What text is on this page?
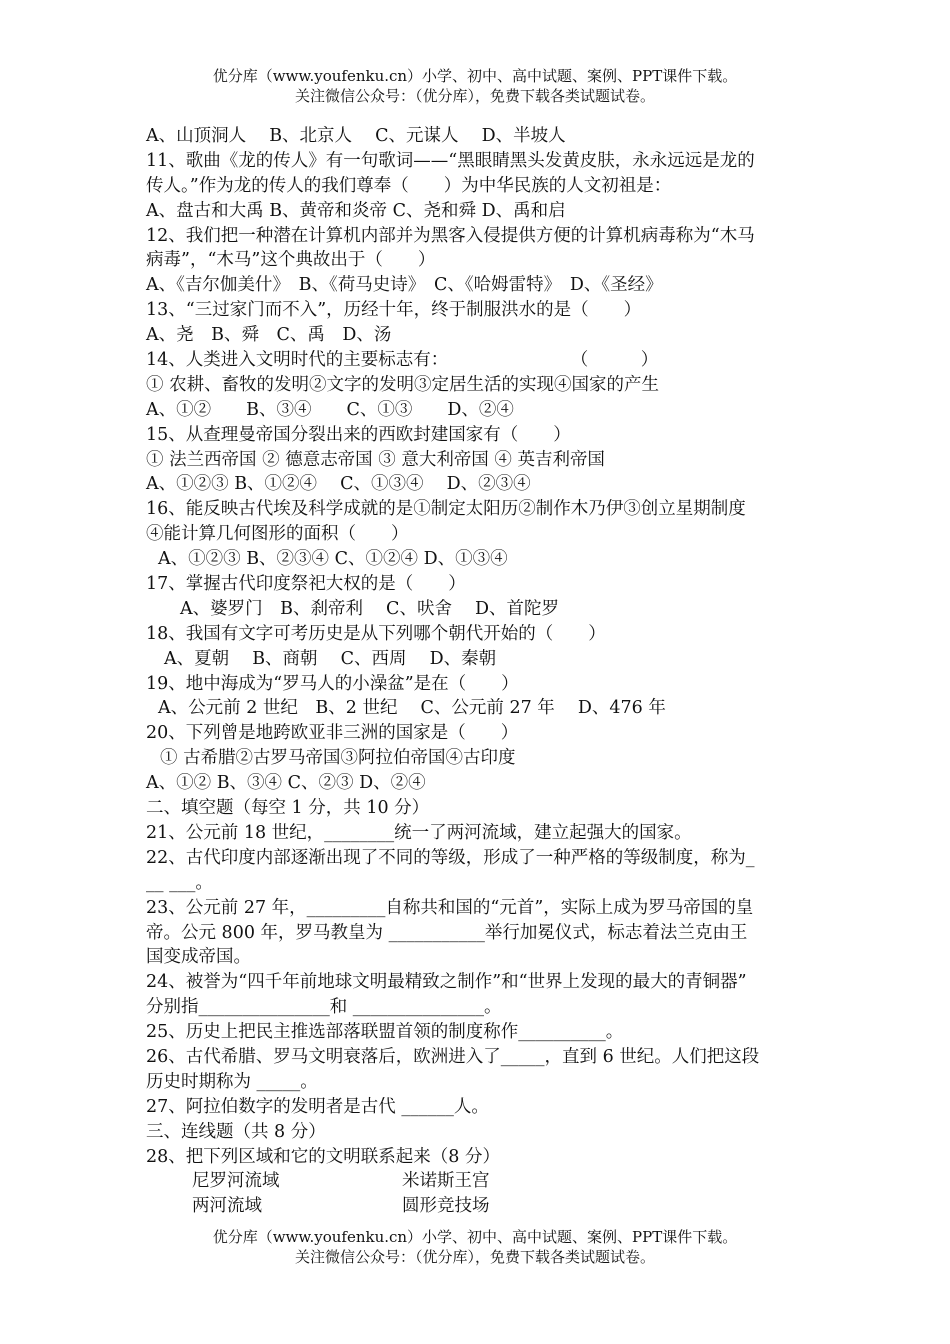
优分库（www.youfenku.cn）小学、初中、高中试题、案例、PPT课件下载。
关注微信公众号：（优分库），免费下载各类试题试卷。
A、山顶洞人　 B、北京人　 C、元谋人　 D、半坡人
11、歌曲《龙的传人》有一句歌词——“黑眼睛黑头发黄皮肤，永永远远是龙的
传人。”作为龙的传人的我们尊奉（　　）为中华民族的人文初祖是：
A、盘古和大禹 B、黄帝和炎帝 C、尧和舜 D、禹和启
12、我们把一种潜在计算机内部并为黑客入侵提供方便的计算机病毒称为“木马
病毒”，“木马”这个典故出于（　　）
A、《吉尔伽美什》　B、《荷马史诗》　C、《哈姆雷特》　D、《圣经》
13、“三过家门而不入”，历经十年，终于制服洪水的是（　　）
A、尧　B、舜　C、禹　D、汤
14、人类进入文明时代的主要标志有：　　　　　　　　（　　　）
① 农耕、畜牧的发明②文字的发明③定居生活的实现④国家的产生
A、①②　　B、③④　　C、①③　　D、②④
15、从查理曼帝国分裂出来的西欧封建国家有（　　）
① 法兰西帝国 ② 德意志帝国 ③ 意大利帝国 ④ 英吉利帝国
A、①②③ B、①②④　 C、①③④　 D、②③④
16、能反映古代埃及科学成就的是①制定太阳历②制作木乃伊③创立星期制度
④能计算几何图形的面积（　　）
A、①②③ B、②③④ C、①②④ D、①③④
17、掌握古代印度祭祀大权的是（　　）
A、婆罗门　B、刹帝利　 C、吠舍　 D、首陀罗
18、我国有文字可考历史是从下列哪个朝代开始的（　　）
A、夏朝　 B、商朝　 C、西周　 D、秦朝
19、地中海成为“罗马人的小澡盆”是在（　　）
A、公元前 2 世纪　B、2 世纪　 C、公元前 27 年　 D、476 年
20、下列曾是地跨欧亚非三洲的国家是（　　）
① 古希腊②古罗马帝国③阿拉伯帝国④古印度
A、①② B、③④ C、②③ D、②④
二、填空题（每空 1 分，共 10 分）
21、公元前 18 世纪，________统一了两河流域，建立起强大的国家。
22、古代印度内部逐渐出现了不同的等级，形成了一种严格的等级制度，称为_
__ ___。
23、公元前 27 年，_________自称共和国的“元首”，实际上成为罗马帝国的皇
帝。公元 800 年，罗马教皇为 ___________举行加冕仪式，标志着法兰克由王
国变成帝国。
24、被誉为“四千年前地球文明最精致之制作”和“世界上发现的最大的青铜器”
分别指_______________和 _______________。
25、历史上把民主推选部落联盟首领的制度称作__________。
26、古代希腊、罗马文明衰落后，欧洲进入了_____，直到 6 世纪。人们把这段
历史时期称为 _____。
27、阿拉伯数字的发明者是古代 ______人。
三、连线题（共 8 分）
28、把下列区域和它的文明联系起来（8 分）
尼罗河流域	米诺斯王宫
两河流域	圆形竞技场
优分库（www.youfenku.cn）小学、初中、高中试题、案例、PPT课件下载。
关注微信公众号：（优分库），免费下载各类试题试卷。
